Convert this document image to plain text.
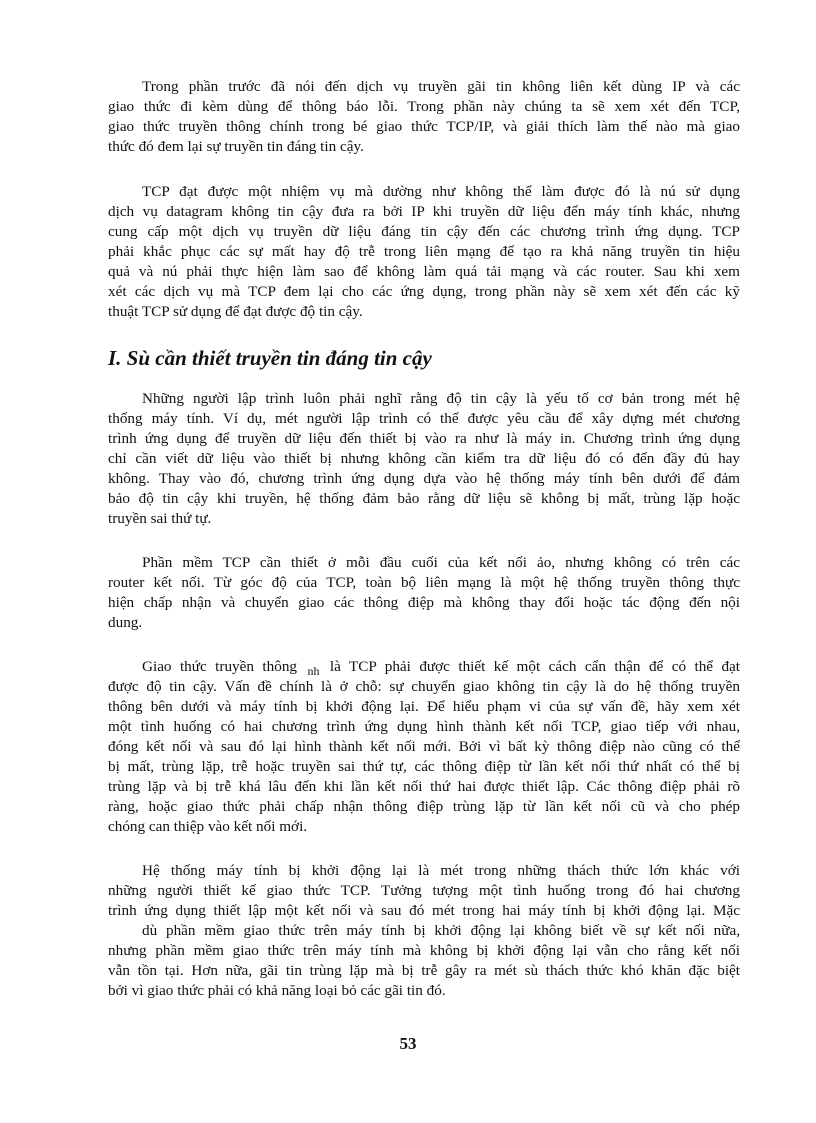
Trong phần trước đã nói đến dịch vụ truyền gãi tin không liên kết dùng IP và các
giao thức đi kèm dùng để thông báo lỗi. Trong phần này chúng ta sẽ xem xét đến TCP,
giao thức truyền thông chính trong bé giao thức TCP/IP, và giải thích làm thế nào mà giao
thức đó đem lại sự truyền tin đáng tin cậy.
TCP đạt được một nhiệm vụ mà dường như không thể làm được đó là nú sử dụng
dịch vụ datagram không tin cậy đưa ra bởi IP khi truyền dữ liệu đến máy tính khác, nhưng
cung cấp một dịch vụ truyền dữ liệu đáng tin cậy đến các chương trình ứng dụng. TCP
phải khắc phục các sự mất hay độ trễ trong liên mạng để tạo ra khả năng truyền tin hiệu
quả và nú phải thực hiện làm sao để không làm quá tải mạng và các router. Sau khi xem
xét các dịch vụ mà TCP đem lại cho các ứng dụng, trong phần này sẽ xem xét đến các kỹ
thuật TCP sử dụng để đạt được độ tin cậy.
I. Sù cần thiết truyền tin đáng tin cậy
Những người lập trình luôn phải nghĩ rằng độ tin cậy là yếu tố cơ bản trong mét hệ
thống máy tính. Ví dụ, mét người lập trình có thể được yêu cầu để xây dựng mét chương
trình ứng dụng để truyền dữ liệu đến thiết bị vào ra như là máy in. Chương trình ứng dụng
chỉ cần viết dữ liệu vào thiết bị nhưng không cần kiểm tra dữ liệu đó có đến đầy đủ hay
không. Thay vào đó, chương trình ứng dụng dựa vào hệ thống máy tính bên dưới để đảm
bảo độ tin cậy khi truyền, hệ thống đảm bảo rằng dữ liệu sẽ không bị mất, trùng lặp hoặc
truyền sai thứ tự.
Phần mềm TCP cần thiết ở mỗi đầu cuối của kết nối ảo, nhưng không có trên các
router kết nối. Từ góc độ của TCP, toàn bộ liên mạng là một hệ thống truyền thông thực
hiện chấp nhận và chuyển giao các thông điệp mà không thay đổi hoặc tác động đến nội
dung.
Giao thức truyền thông $_{nh}$ là TCP phải được thiết kế một cách cẩn thận để có thể đạt
được độ tin cậy. Vấn đề chính là ở chỗ: sự chuyển giao không tin cậy là do hệ thống truyền
thông bên dưới và máy tính bị khởi động lại. Để hiểu phạm vi của sự vấn đề, hãy xem xét
một tình huống có hai chương trình ứng dụng hình thành kết nối TCP, giao tiếp với nhau,
đóng kết nối và sau đó lại hình thành kết nối mới. Bởi vì bất kỳ thông điệp nào cũng có thể
bị mất, trùng lặp, trễ hoặc truyền sai thứ tự, các thông điệp từ lần kết nối thứ nhất có thể bị
trùng lặp và bị trễ khá lâu đến khi lần kết nối thứ hai được thiết lập. Các thông điệp phải rõ
ràng, hoặc giao thức phải chấp nhận thông điệp trùng lặp từ lần kết nối cũ và cho phép
chóng can thiệp vào kết nối mới.
Hệ thống máy tính bị khởi động lại là mét trong những thách thức lớn khác với
những người thiết kế giao thức TCP. Tưởng tượng một tình huống trong đó hai chương
trình ứng dụng thiết lập một kết nối và sau đó mét trong hai máy tính bị khởi động lại. Mặc
dù phần mềm giao thức trên máy tính bị khởi động lại không biết về sự kết nối nữa,
nhưng phần mềm giao thức trên máy tính mà không bị khởi động lại vẫn cho rằng kết nối
vẫn tồn tại. Hơn nữa, gãi tin trùng lặp mà bị trễ gây ra mét sù thách thức khó khăn đặc biệt
bởi vì giao thức phải có khả năng loại bỏ các gãi tin đó.
53
